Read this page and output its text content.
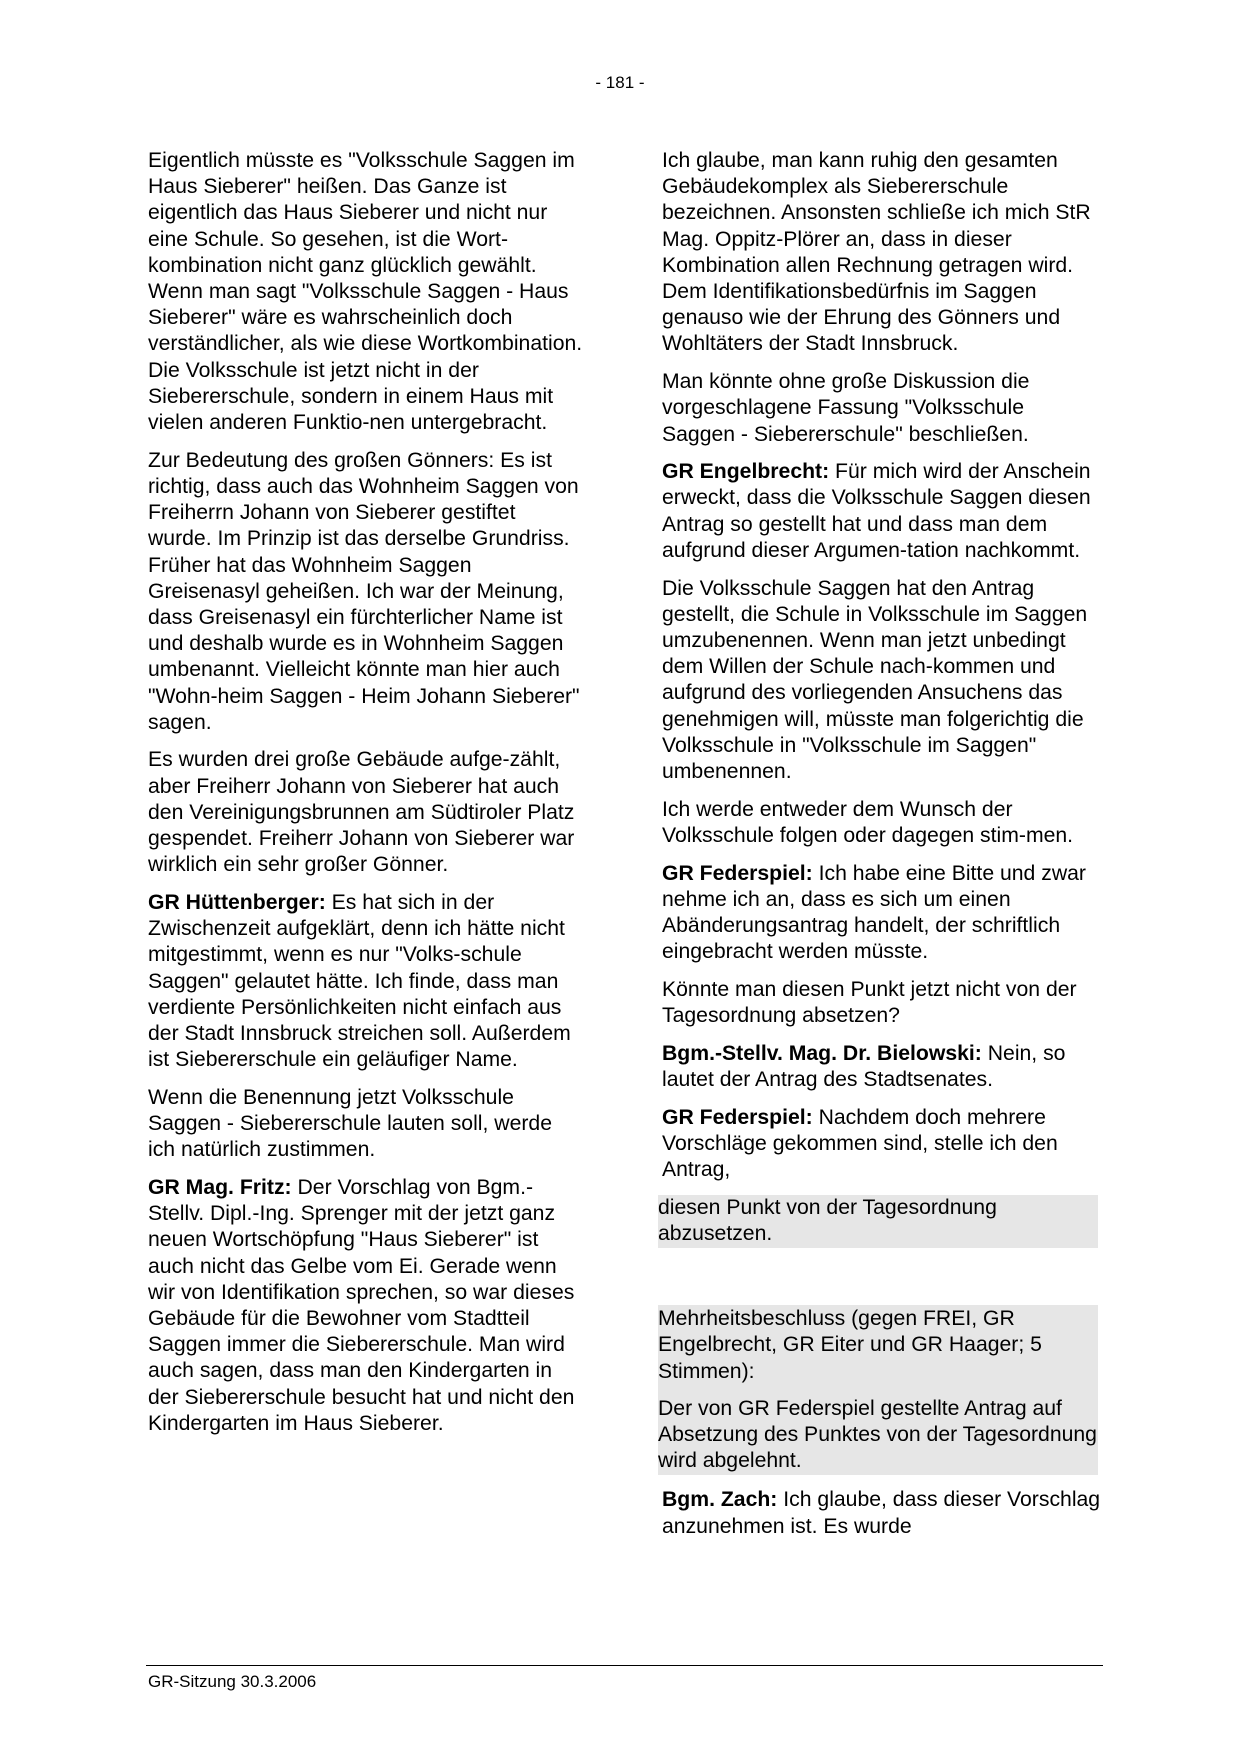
- 181 -

Eigentlich müsste es "Volksschule Saggen im Haus Sieberer" heißen. Das Ganze ist eigentlich das Haus Sieberer und nicht nur eine Schule. So gesehen, ist die Wort-kombination nicht ganz glücklich gewählt. Wenn man sagt "Volksschule Saggen - Haus Sieberer" wäre es wahrscheinlich doch verständlicher, als wie diese Wortkombination. Die Volksschule ist jetzt nicht in der Siebererschule, sondern in einem Haus mit vielen anderen Funktio-nen untergebracht.

Zur Bedeutung des großen Gönners: Es ist richtig, dass auch das Wohnheim Saggen von Freiherrn Johann von Sieberer gestiftet wurde. Im Prinzip ist das derselbe Grundriss. Früher hat das Wohnheim Saggen Greisenasyl geheißen. Ich war der Meinung, dass Greisenasyl ein fürchterlicher Name ist und deshalb wurde es in Wohnheim Saggen umbenannt. Vielleicht könnte man hier auch "Wohn-heim Saggen - Heim Johann Sieberer" sagen.

Es wurden drei große Gebäude aufge-zählt, aber Freiherr Johann von Sieberer hat auch den Vereinigungsbrunnen am Südtiroler Platz gespendet. Freiherr Johann von Sieberer war wirklich ein sehr großer Gönner.

GR Hüttenberger: Es hat sich in der Zwischenzeit aufgeklärt, denn ich hätte nicht mitgestimmt, wenn es nur "Volks-schule Saggen" gelautet hätte. Ich finde, dass man verdiente Persönlichkeiten nicht einfach aus der Stadt Innsbruck streichen soll. Außerdem ist Siebererschule ein geläufiger Name.

Wenn die Benennung jetzt Volksschule Saggen - Siebererschule lauten soll, werde ich natürlich zustimmen.

GR Mag. Fritz: Der Vorschlag von Bgm.-Stellv. Dipl.-Ing. Sprenger mit der jetzt ganz neuen Wortschöpfung "Haus Sieberer" ist auch nicht das Gelbe vom Ei. Gerade wenn wir von Identifikation sprechen, so war dieses Gebäude für die Bewohner vom Stadtteil Saggen immer die Siebererschule. Man wird auch sagen, dass man den Kindergarten in der Siebererschule besucht hat und nicht den Kindergarten im Haus Sieberer.

Ich glaube, man kann ruhig den gesamten Gebäudekomplex als Siebererschule bezeichnen. Ansonsten schließe ich mich StR Mag. Oppitz-Plörer an, dass in dieser Kombination allen Rechnung getragen wird. Dem Identifikationsbedürfnis im Saggen genauso wie der Ehrung des Gönners und Wohltäters der Stadt Innsbruck.

Man könnte ohne große Diskussion die vorgeschlagene Fassung "Volksschule Saggen - Siebererschule" beschließen.

GR Engelbrecht: Für mich wird der Anschein erweckt, dass die Volksschule Saggen diesen Antrag so gestellt hat und dass man dem aufgrund dieser Argumen-tation nachkommt.

Die Volksschule Saggen hat den Antrag gestellt, die Schule in Volksschule im Saggen umzubenennen. Wenn man jetzt unbedingt dem Willen der Schule nach-kommen und aufgrund des vorliegenden Ansuchens das genehmigen will, müsste man folgerichtig die Volksschule in "Volksschule im Saggen" umbenennen.

Ich werde entweder dem Wunsch der Volksschule folgen oder dagegen stim-men.

GR Federspiel: Ich habe eine Bitte und zwar nehme ich an, dass es sich um einen Abänderungsantrag handelt, der schriftlich eingebracht werden müsste.

Könnte man diesen Punkt jetzt nicht von der Tagesordnung absetzen?

Bgm.-Stellv. Mag. Dr. Bielowski: Nein, so lautet der Antrag des Stadtsenates.

GR Federspiel: Nachdem doch mehrere Vorschläge gekommen sind, stelle ich den Antrag,

diesen Punkt von der Tagesordnung abzusetzen.

Mehrheitsbeschluss (gegen FREI, GR Engelbrecht, GR Eiter und GR Haager; 5 Stimmen):

Der von GR Federspiel gestellte Antrag auf Absetzung des Punktes von der Tagesordnung wird abgelehnt.

Bgm. Zach: Ich glaube, dass dieser Vorschlag anzunehmen ist. Es wurde

GR-Sitzung 30.3.2006
